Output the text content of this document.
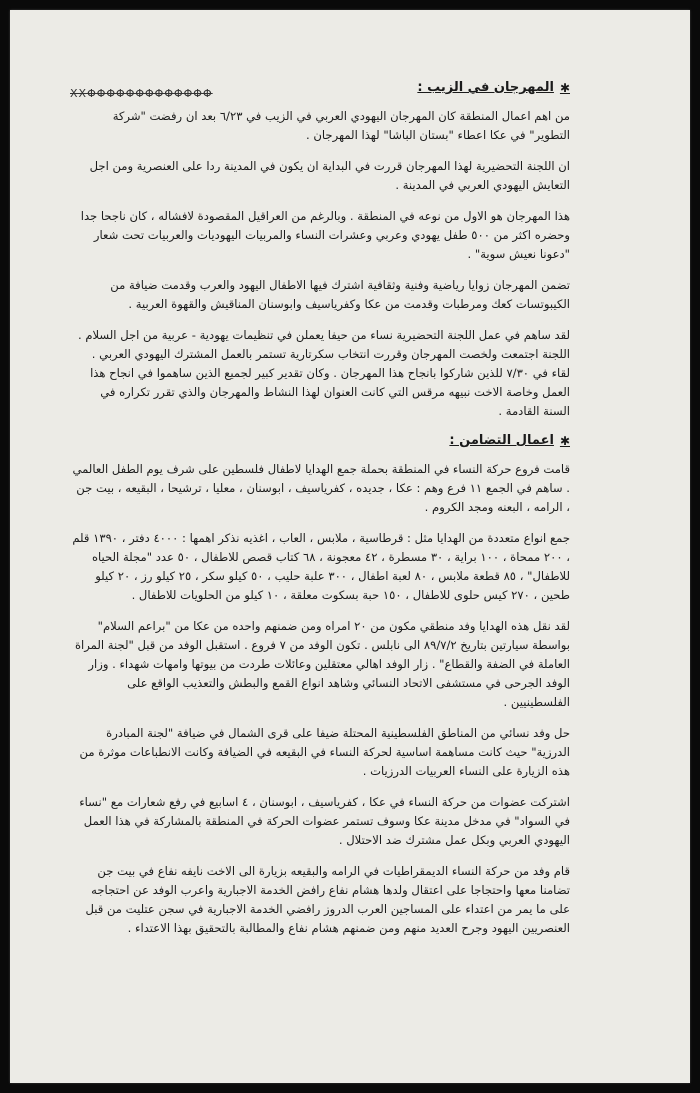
✱
المهرجان في الزيب :
ΧΧΦΦΦΦΦΦΦΦΦΦΦΦΦ

من اهم اعمال المنطقة كان المهرجان اليهودي العربي في الزيب في ٦/٢٣ بعد ان رفضت "شركة التطوير" في عكا اعطاء "بستان الباشا" لهذا المهرجان .

ان اللجنة التحضيرية لهذا المهرجان قررت في البداية ان يكون في المدينة ردا على العنصرية ومن اجل التعايش اليهودي العربي في المدينة .

هذا المهرجان هو الاول من نوعه في المنطقة . وبالرغم من العراقيل المقصودة لافشاله ، كان ناجحا جدا وحضره اكثر من ٥٠٠ طفل يهودي وعربي وعشرات النساء والمربيات اليهوديات والعربيات تحت شعار "دعونا نعيش سوية" .

تضمن المهرجان زوايا رياضية وفنية وثقافية اشترك فيها الاطفال اليهود والعرب وقدمت ضيافة من الكيبوتسات كعك ومرطبات وقدمت من عكا وكفرياسيف وابوسنان المناقيش والقهوة العربية .

لقد ساهم في عمل اللجنة التحضيرية نساء من حيفا يعملن في تنظيمات يهودية - عربية من اجل السلام . اللجنة اجتمعت ولخصت المهرجان وقررت انتخاب سكرتارية تستمر بالعمل المشترك اليهودي العربي . لقاء في ٧/٣٠ للذين شاركوا بانجاح هذا المهرجان . وكان تقدير كبير لجميع الذين ساهموا في انجاح هذا العمل وخاصة الاخت نبيهه مرقس التي كانت العنوان لهذا النشاط والمهرجان والذي تقرر تكراره في السنة القادمة .

✱
اعمال التضامن :

قامت فروع حركة النساء في المنطقة بحملة جمع الهدايا لاطفال فلسطين على شرف يوم الطفل العالمي . ساهم في الجمع ١١ فرع وهم : عكا ، جديده ، كفرياسيف ، ابوسنان ، معليا ، ترشيحا ، البقيعه ، بيت جن ، الرامه ، البعنه ومجد الكروم .

جمع انواع متعددة من الهدايا مثل : قرطاسية ، ملابس ، العاب ، اغذيه نذكر اهمها : ٤٠٠٠ دفتر ، ١٣٩٠ قلم ، ٢٠٠ ممحاة ، ١٠٠ براية ، ٣٠ مسطرة ، ٤٢ معجونة ، ٦٨ كتاب قصص للاطفال ، ٥٠ عدد "مجلة الحياه للاطفال" ، ٨٥ قطعة ملابس ، ٨٠ لعبة اطفال ، ٣٠٠ علبة حليب ، ٥٠ كيلو سكر ، ٢٥ كيلو رز ، ٢٠ كيلو طحين ، ٢٧٠ كيس حلوى للاطفال ، ١٥٠ حبة بسكوت معلقة ، ١٠ كيلو من الحلويات للاطفال .

لقد نقل هذه الهدايا وفد منطقي مكون من ٢٠ امراه ومن ضمنهم واحده من عكا من "براعم السلام" بواسطة سيارتين بتاريخ ٨٩/٧/٢ الى نابلس . تكون الوفد من ٧ فروع . استقبل الوفد من قبل "لجنة المراة العاملة في الضفة والقطاع" . زار الوفد اهالي معتقلين وعائلات طردت من بيوتها وامهات شهداء . وزار الوفد الجرحى في مستشفى الاتحاد النسائي وشاهد انواع القمع والبطش والتعذيب الواقع على الفلسطينيين .

حل وفد نسائي من المناطق الفلسطينية المحتلة ضيفا على قرى الشمال في ضيافة "لجنة المبادرة الدرزية" حيث كانت مساهمة اساسية لحركة النساء في البقيعه في الضيافة وكانت الانطباعات موثرة من هذه الزيارة على النساء العربيات الدرزيات .

اشتركت عضوات من حركة النساء في عكا ، كفرياسيف ، ابوسنان ، ٤ اسابيع في رفع شعارات مع "نساء في السواد" في مدخل مدينة عكا وسوف تستمر عضوات الحركة في المنطقة بالمشاركة في هذا العمل اليهودي العربي وبكل عمل مشترك ضد الاحتلال .

قام وفد من حركة النساء الديمقراطيات في الرامه والبقيعه بزيارة الى الاخت نايفه نفاع في بيت جن تضامنا معها واحتجاجا على اعتقال ولدها هشام نفاع رافض الخدمة الاجبارية واعرب الوفد عن احتجاجه على ما يمر من اعتداء على المساجين العرب الدروز رافضي الخدمة الاجبارية في سجن عتليت من قبل العنصريين اليهود وجرح العديد منهم ومن ضمنهم هشام نفاع والمطالبة بالتحقيق بهذا الاعتداء .
